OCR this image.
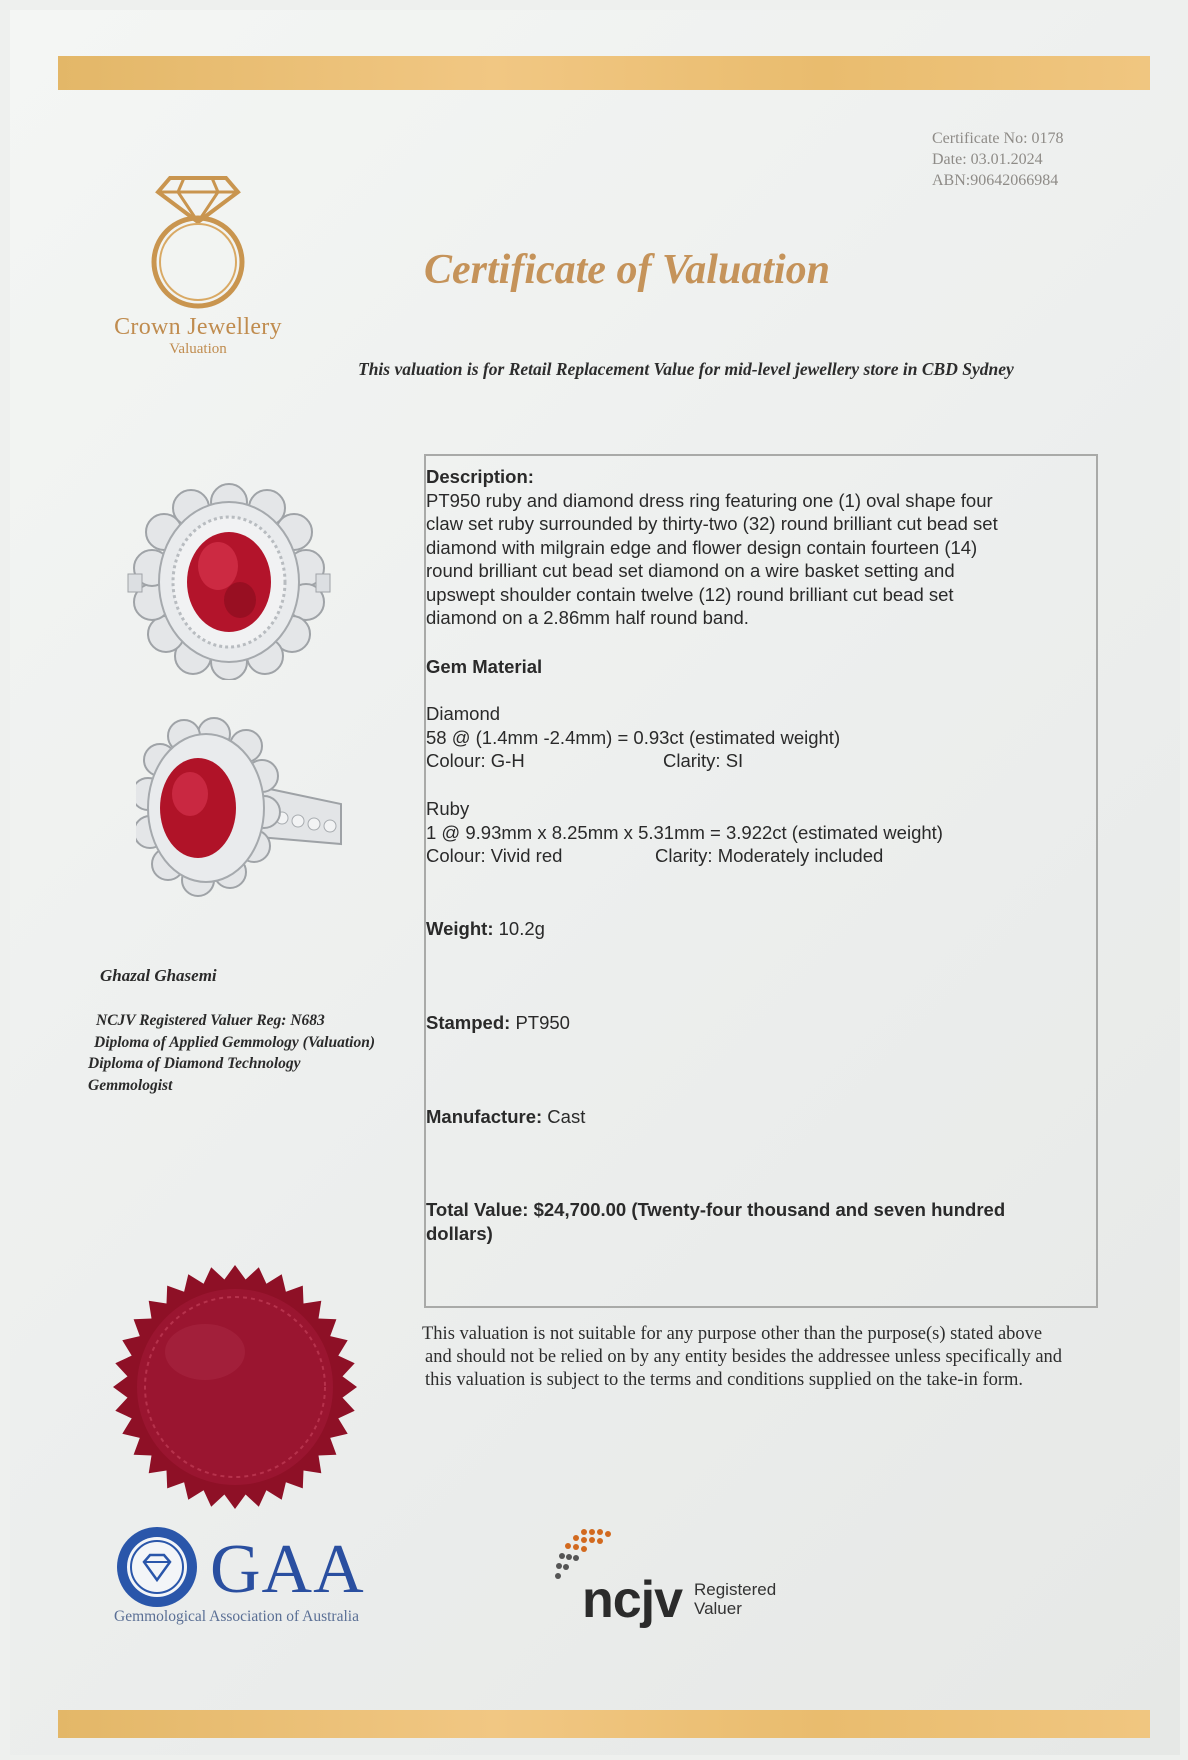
Certificate No: 0178
Date: 03.01.2024
ABN:90642066984
Crown Jewellery
Valuation
Certificate of Valuation
This valuation is for Retail Replacement Value for mid-level jewellery store in CBD Sydney
Ghazal Ghasemi
NCJV Registered Valuer Reg: N683
Diploma of Applied Gemmology (Valuation)
Diploma of Diamond Technology
Gemmologist
Description:
PT950 ruby and diamond dress ring featuring one (1) oval shape four
claw set ruby surrounded by thirty-two (32) round brilliant cut bead set
diamond with milgrain edge and flower design contain fourteen (14)
round brilliant cut bead set diamond on a wire basket setting and
upswept shoulder contain twelve (12) round brilliant cut bead set
diamond on a 2.86mm half round band.
Gem Material
Diamond
58 @ (1.4mm -2.4mm) = 0.93ct (estimated weight)
Colour: G-H	Clarity: SI
Ruby
1 @ 9.93mm x 8.25mm x 5.31mm = 3.922ct (estimated weight)
Colour: Vivid red	Clarity: Moderately included
Weight: 10.2g
Stamped: PT950
Manufacture: Cast
Total Value: $24,700.00 (Twenty-four thousand and seven hundred
dollars)
This valuation is not suitable for any purpose other than the purpose(s) stated above
and should not be relied on by any entity besides the addressee unless specifically and
this valuation is subject to the terms and conditions supplied on the take-in form.
GAA
Gemmological Association of Australia	ncjv Registered
Valuer
